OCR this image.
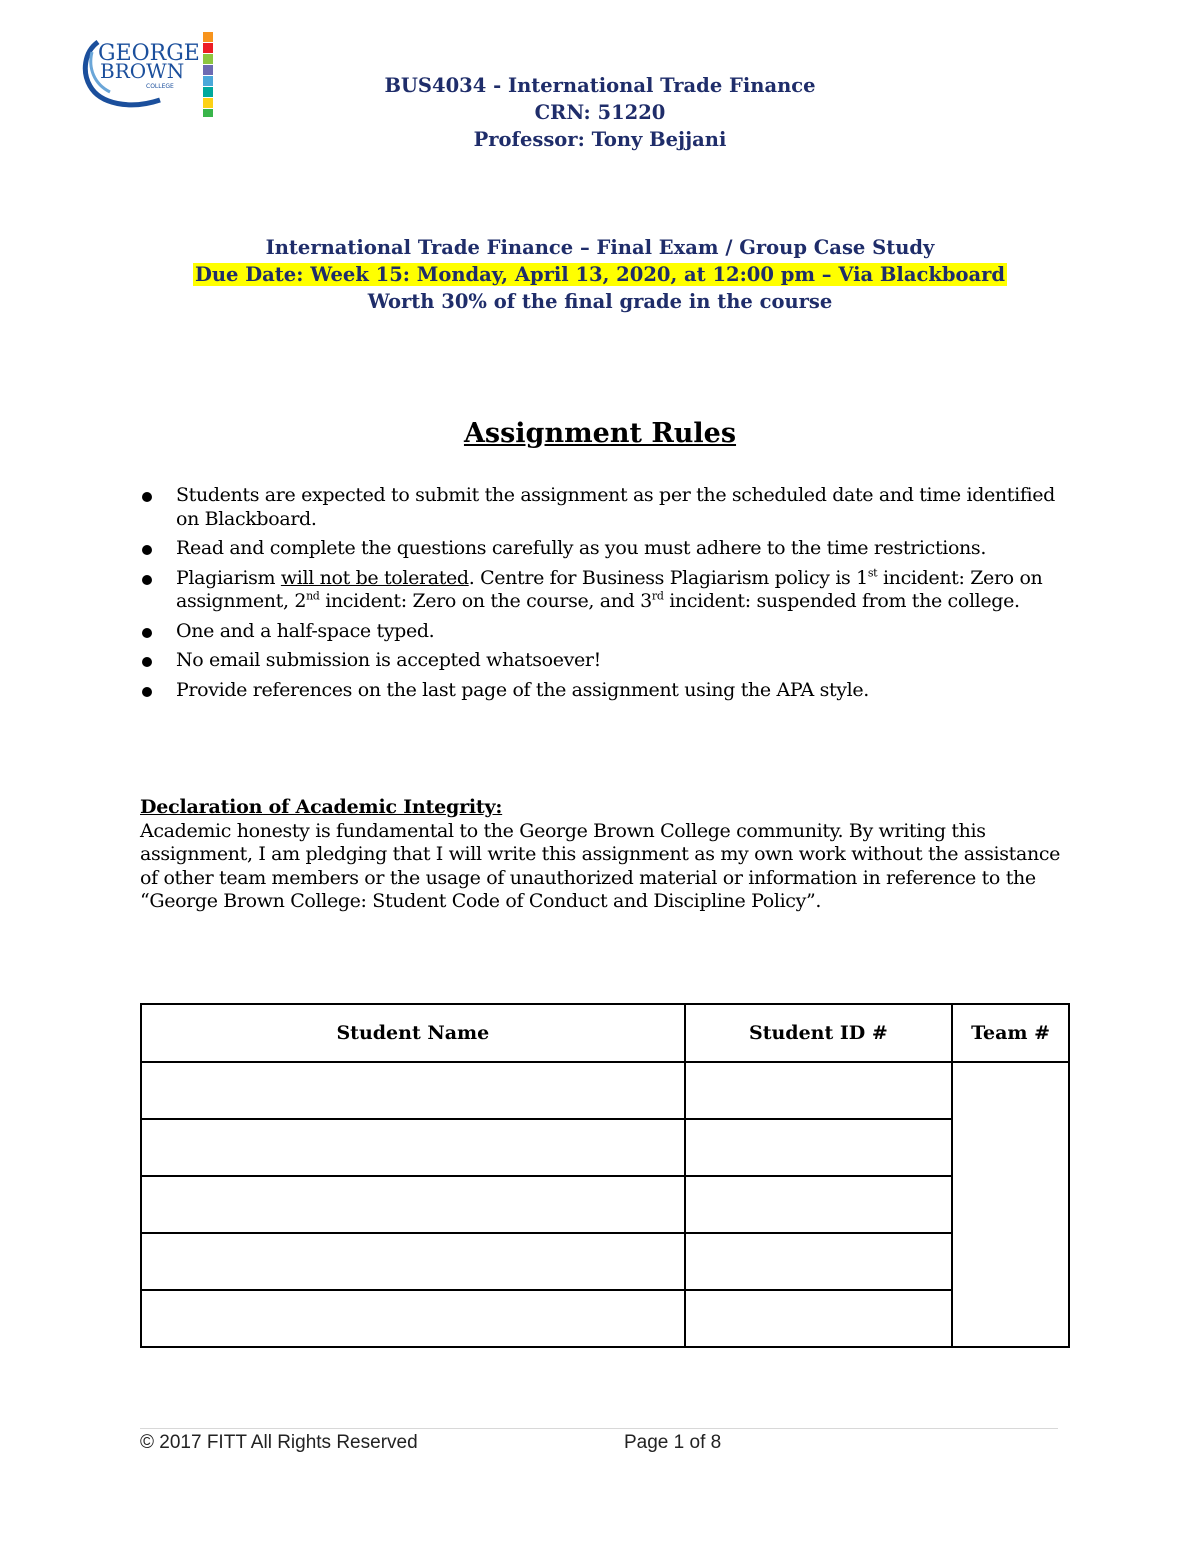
GEORGE
BROWN
COLLEGE	BUS4034 - International Trade Finance
CRN: 51220
Professor: Tony Bejjani
International Trade Finance – Final Exam / Group Case Study
Due Date: Week 15: Monday, April 13, 2020, at 12:00 pm – Via Blackboard
Worth 30% of the final grade in the course
Assignment Rules
Students are expected to submit the assignment as per the scheduled date and time identified on Blackboard.
Read and complete the questions carefully as you must adhere to the time restrictions.
Plagiarism will not be tolerated. Centre for Business Plagiarism policy is 1st incident: Zero on assignment, 2nd incident: Zero on the course, and 3rd incident: suspended from the college.
One and a half-space typed.
No email submission is accepted whatsoever!
Provide references on the last page of the assignment using the APA style.
Declaration of Academic Integrity:
Academic honesty is fundamental to the George Brown College community. By writing this assignment, I am pledging that I will write this assignment as my own work without the assistance of other team members or the usage of unauthorized material or information in reference to the “George Brown College: Student Code of Conduct and Discipline Policy”.
Student Name	Student ID #	Team #

© 2017 FITT All Rights Reserved	Page 1 of 8
